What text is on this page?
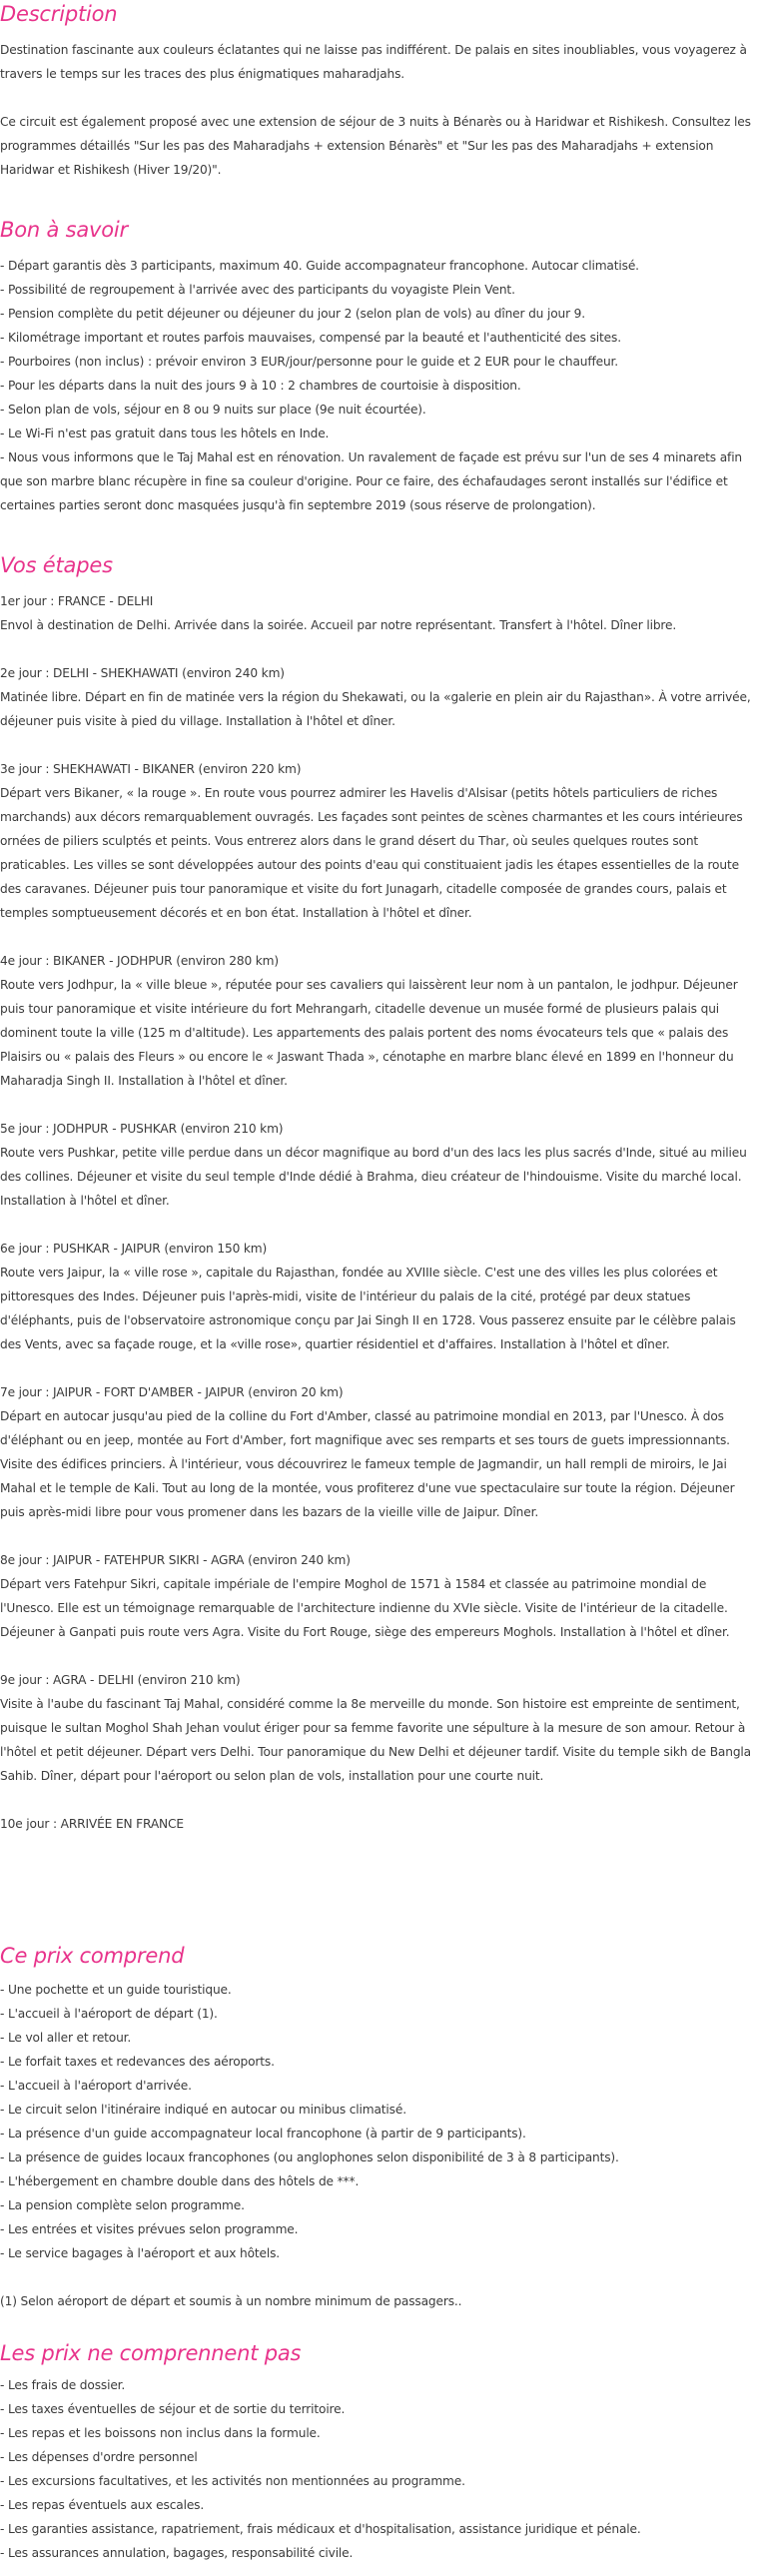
Description

Destination fascinante aux couleurs éclatantes qui ne laisse pas indifférent. De palais en sites inoubliables, vous voyagerez à travers le temps sur les traces des plus énigmatiques maharadjahs.

Ce circuit est également proposé avec une extension de séjour de 3 nuits à Bénarès ou à Haridwar et Rishikesh. Consultez les programmes détaillés "Sur les pas des Maharadjahs + extension Bénarès" et "Sur les pas des Maharadjahs + extension Haridwar et Rishikesh (Hiver 19/20)".

Bon à savoir

- Départ garantis dès 3 participants, maximum 40. Guide accompagnateur francophone. Autocar climatisé.

- Possibilité de regroupement à l'arrivée avec des participants du voyagiste Plein Vent.

- Pension complète du petit déjeuner ou déjeuner du jour 2 (selon plan de vols) au dîner du jour 9.

- Kilométrage important et routes parfois mauvaises, compensé par la beauté et l'authenticité des sites.

- Pourboires (non inclus) : prévoir environ 3 EUR/jour/personne pour le guide et 2 EUR pour le chauffeur.

- Pour les départs dans la nuit des jours 9 à 10 : 2 chambres de courtoisie à disposition.

- Selon plan de vols, séjour en 8 ou 9 nuits sur place (9e nuit écourtée).

- Le Wi-Fi n'est pas gratuit dans tous les hôtels en Inde.

- Nous vous informons que le Taj Mahal est en rénovation. Un ravalement de façade est prévu sur l'un de ses 4 minarets afin que son marbre blanc récupère in fine sa couleur d'origine. Pour ce faire, des échafaudages seront installés sur l'édifice et certaines parties seront donc masquées jusqu'à fin septembre 2019 (sous réserve de prolongation).

Vos étapes

1er jour : FRANCE - DELHI

Envol à destination de Delhi. Arrivée dans la soirée. Accueil par notre représentant. Transfert à l'hôtel. Dîner libre.

2e jour : DELHI - SHEKHAWATI (environ 240 km)

Matinée libre. Départ en fin de matinée vers la région du Shekawati, ou la «galerie en plein air du Rajasthan». À votre arrivée, déjeuner puis visite à pied du village. Installation à l'hôtel et dîner.

3e jour : SHEKHAWATI - BIKANER (environ 220 km)

Départ vers Bikaner, « la rouge ». En route vous pourrez admirer les Havelis d'Alsisar (petits hôtels particuliers de riches marchands) aux décors remarquablement ouvragés. Les façades sont peintes de scènes charmantes et les cours intérieures ornées de piliers sculptés et peints. Vous entrerez alors dans le grand désert du Thar, où seules quelques routes sont praticables. Les villes se sont développées autour des points d'eau qui constituaient jadis les étapes essentielles de la route des caravanes. Déjeuner puis tour panoramique et visite du fort Junagarh, citadelle composée de grandes cours, palais et temples somptueusement décorés et en bon état. Installation à l'hôtel et dîner.

4e jour : BIKANER - JODHPUR (environ 280 km)

Route vers Jodhpur, la « ville bleue », réputée pour ses cavaliers qui laissèrent leur nom à un pantalon, le jodhpur. Déjeuner puis tour panoramique et visite intérieure du fort Mehrangarh, citadelle devenue un musée formé de plusieurs palais qui dominent toute la ville (125 m d'altitude). Les appartements des palais portent des noms évocateurs tels que « palais des Plaisirs ou « palais des Fleurs » ou encore le « Jaswant Thada », cénotaphe en marbre blanc élevé en 1899 en l'honneur du Maharadja Singh II. Installation à l'hôtel et dîner.

5e jour : JODHPUR - PUSHKAR (environ 210 km)

Route vers Pushkar, petite ville perdue dans un décor magnifique au bord d'un des lacs les plus sacrés d'Inde, situé au milieu des collines. Déjeuner et visite du seul temple d'Inde dédié à Brahma, dieu créateur de l'hindouisme. Visite du marché local. Installation à l'hôtel et dîner.

6e jour : PUSHKAR - JAIPUR (environ 150 km)

Route vers Jaipur, la « ville rose », capitale du Rajasthan, fondée au XVIIIe siècle. C'est une des villes les plus colorées et pittoresques des Indes. Déjeuner puis l'après-midi, visite de l'intérieur du palais de la cité, protégé par deux statues d'éléphants, puis de l'observatoire astronomique conçu par Jai Singh II en 1728. Vous passerez ensuite par le célèbre palais des Vents, avec sa façade rouge, et la «ville rose», quartier résidentiel et d'affaires. Installation à l'hôtel et dîner.

7e jour : JAIPUR - FORT D'AMBER - JAIPUR (environ 20 km)

Départ en autocar jusqu'au pied de la colline du Fort d'Amber, classé au patrimoine mondial en 2013, par l'Unesco. À dos d'éléphant ou en jeep, montée au Fort d'Amber, fort magnifique avec ses remparts et ses tours de guets impressionnants. Visite des édifices princiers. À l'intérieur, vous découvrirez le fameux temple de Jagmandir, un hall rempli de miroirs, le Jai Mahal et le temple de Kali. Tout au long de la montée, vous profiterez d'une vue spectaculaire sur toute la région. Déjeuner puis après-midi libre pour vous promener dans les bazars de la vieille ville de Jaipur. Dîner.

8e jour : JAIPUR - FATEHPUR SIKRI - AGRA (environ 240 km)

Départ vers Fatehpur Sikri, capitale impériale de l'empire Moghol de 1571 à 1584 et classée au patrimoine mondial de l'Unesco. Elle est un témoignage remarquable de l'architecture indienne du XVIe siècle. Visite de l'intérieur de la citadelle. Déjeuner à Ganpati puis route vers Agra. Visite du Fort Rouge, siège des empereurs Moghols. Installation à l'hôtel et dîner.

9e jour : AGRA - DELHI (environ 210 km)

Visite à l'aube du fascinant Taj Mahal, considéré comme la 8e merveille du monde. Son histoire est empreinte de sentiment, puisque le sultan Moghol Shah Jehan voulut ériger pour sa femme favorite une sépulture à la mesure de son amour. Retour à l'hôtel et petit déjeuner. Départ vers Delhi. Tour panoramique du New Delhi et déjeuner tardif. Visite du temple sikh de Bangla Sahib. Dîner, départ pour l'aéroport ou selon plan de vols, installation pour une courte nuit.

10e jour : ARRIVÉE EN FRANCE

Ce prix comprend

- Une pochette et un guide touristique.

- L'accueil à l'aéroport de départ (1).

- Le vol aller et retour.

- Le forfait taxes et redevances des aéroports.

- L'accueil à l'aéroport d'arrivée.

- Le circuit selon l'itinéraire indiqué en autocar ou minibus climatisé.

- La présence d'un guide accompagnateur local francophone (à partir de 9 participants).

- La présence de guides locaux francophones (ou anglophones selon disponibilité de 3 à 8 participants).

- L'hébergement en chambre double dans des hôtels de ***.

- La pension complète selon programme.

- Les entrées et visites prévues selon programme.

- Le service bagages à l'aéroport et aux hôtels.

(1) Selon aéroport de départ et soumis à un nombre minimum de passagers..

Les prix ne comprennent pas

- Les frais de dossier.

- Les taxes éventuelles de séjour et de sortie du territoire.

- Les repas et les boissons non inclus dans la formule.

- Les dépenses d'ordre personnel

- Les excursions facultatives, et les activités non mentionnées au programme.

- Les repas éventuels aux escales.

- Les garanties assistance, rapatriement, frais médicaux et d'hospitalisation, assistance juridique et pénale.

- Les assurances annulation, bagages, responsabilité civile.
